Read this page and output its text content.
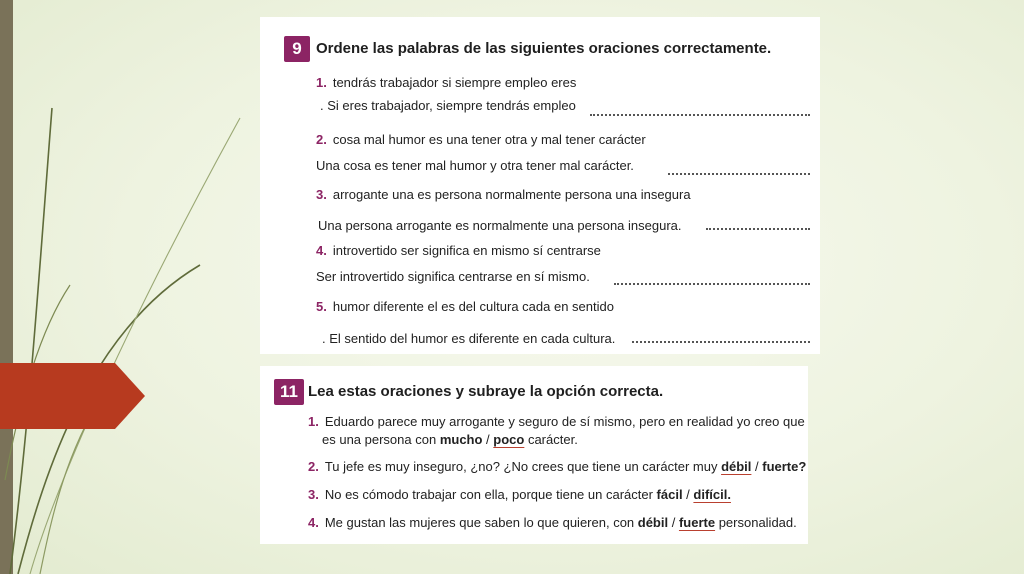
9 Ordene las palabras de las siguientes oraciones correctamente.
1. tendrás trabajador si siempre empleo eres
. Si eres trabajador, siempre tendrás empleo
2. cosa mal humor es una tener otra y mal tener carácter
Una cosa es tener mal humor y otra tener mal carácter.
3. arrogante una es persona normalmente persona una insegura
Una persona arrogante es normalmente una persona insegura.
4. introvertido ser significa en mismo sí centrarse
Ser introvertido significa centrarse en sí mismo.
5. humor diferente el es del cultura cada en sentido
. El sentido del humor es diferente en cada cultura.
11 Lea estas oraciones y subraye la opción correcta.
1. Eduardo parece muy arrogante y seguro de sí mismo, pero en realidad yo creo que
es una persona con mucho / poco carácter.
2. Tu jefe es muy inseguro, ¿no? ¿No crees que tiene un carácter muy débil / fuerte?
3. No es cómodo trabajar con ella, porque tiene un carácter fácil / difícil.
4. Me gustan las mujeres que saben lo que quieren, con débil / fuerte personalidad.
